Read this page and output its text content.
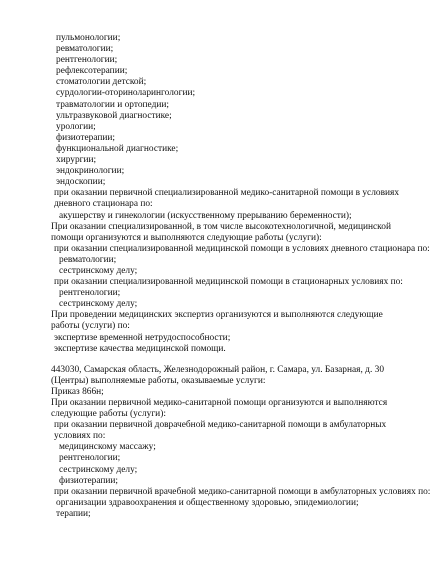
пульмонологии;
ревматологии;
рентгенологии;
рефлексотерапии;
стоматологии детской;
сурдологии-оториноларингологии;
травматологии и ортопедии;
ультразвуковой диагностике;
урологии;
физиотерапии;
функциональной диагностике;
хирургии;
эндокринологии;
эндоскопии;
при оказании первичной специализированной медико-санитарной помощи в условиях дневного стационара по:
акушерству и гинекологии (искусственному прерыванию беременности);
При оказании специализированной, в том числе высокотехнологичной, медицинской помощи организуются и выполняются следующие работы (услуги):
при оказании специализированной медицинской помощи в условиях дневного стационара по:
ревматологии;
сестринскому делу;
при оказании специализированной медицинской помощи в стационарных условиях по:
рентгенологии;
сестринскому делу;
При проведении медицинских экспертиз организуются и выполняются следующие работы (услуги) по:
экспертизе временной нетрудоспособности;
экспертизе качества медицинской помощи.
443030, Самарская область, Железнодорожный район, г. Самара, ул. Базарная, д. 30 (Центры) выполняемые работы, оказываемые услуги:
Приказ 866н;
При оказании первичной медико-санитарной помощи организуются и выполняются следующие работы (услуги):
при оказании первичной доврачебной медико-санитарной помощи в амбулаторных условиях по:
медицинскому массажу;
рентгенологии;
сестринскому делу;
физиотерапии;
при оказании первичной врачебной медико-санитарной помощи в амбулаторных условиях по:
организации здравоохранения и общественному здоровью, эпидемиологии;
терапии;
